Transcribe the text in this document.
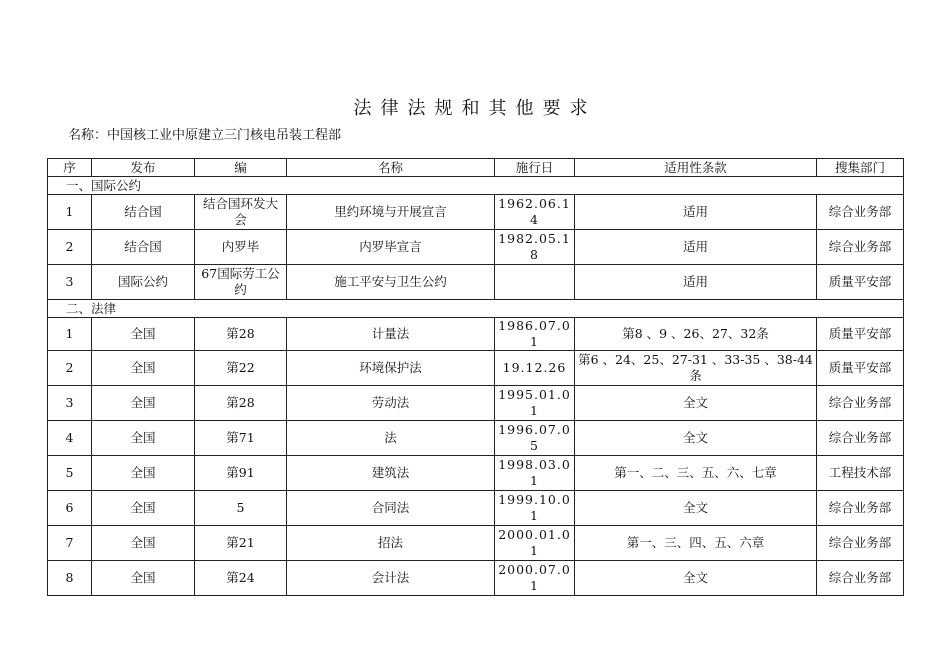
法律法规和其他要求
名称：中国核工业中原建立三门核电吊装工程部
序	发布	编	名称	施行日	适用性条款	搜集部门
一、国际公约						
1	结合国	结合国环发大会	里约环境与开展宣言	1962.06.14	适用	综合业务部
2	结合国	内罗毕	内罗毕宣言	1982.05.18	适用	综合业务部
3	国际公约	67国际劳工公约	施工平安与卫生公约		适用	质量平安部
二、法律						
1	全国	第28	计量法	1986.07.01	第8 、9 、26、27、32条	质量平安部
2	全国	第22	环境保护法	19.12.26	第6 、24、25、27-31 、33-35 、38-44条	质量平安部
3	全国	第28	劳动法	1995.01.01	全文	综合业务部
4	全国	第71	法	1996.07.05	全文	综合业务部
5	全国	第91	建筑法	1998.03.01	第一、二、三、五、六、七章	工程技术部
6	全国	5	合同法	1999.10.01	全文	综合业务部
7	全国	第21	招法	2000.01.01	第一、三、四、五、六章	综合业务部
8	全国	第24	会计法	2000.07.01	全文	综合业务部
